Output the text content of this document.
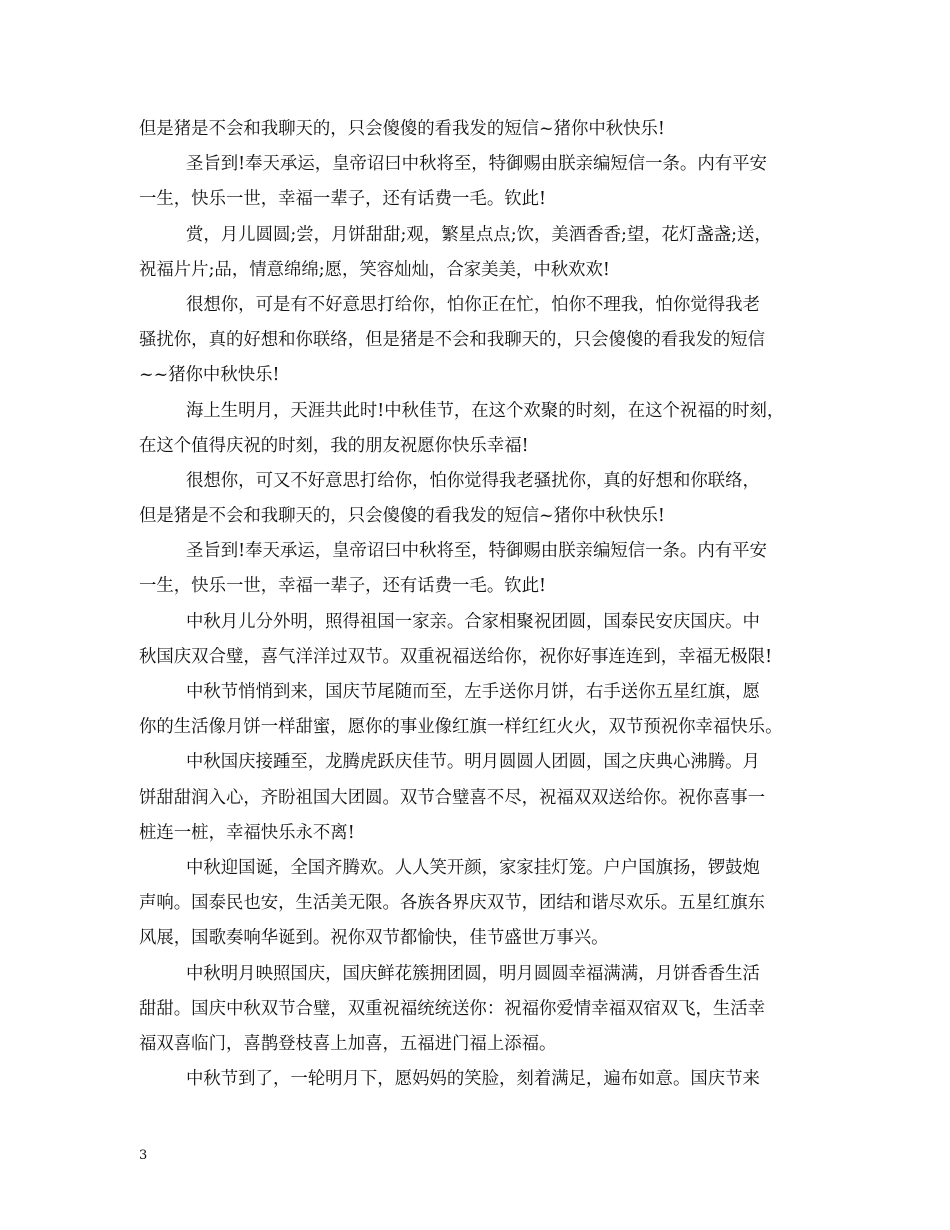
但是猪是不会和我聊天的，只会傻傻的看我发的短信~猪你中秋快乐!
圣旨到!奉天承运，皇帝诏曰中秋将至，特御赐由朕亲编短信一条。内有平安
一生，快乐一世，幸福一辈子，还有话费一毛。钦此!
赏，月儿圆圆;尝，月饼甜甜;观，繁星点点;饮，美酒香香;望，花灯盏盏;送，
祝福片片;品，情意绵绵;愿，笑容灿灿，合家美美，中秋欢欢!
很想你，可是有不好意思打给你，怕你正在忙，怕你不理我，怕你觉得我老
骚扰你，真的好想和你联络，但是猪是不会和我聊天的，只会傻傻的看我发的短信
~~猪你中秋快乐!
海上生明月，天涯共此时!中秋佳节，在这个欢聚的时刻，在这个祝福的时刻，
在这个值得庆祝的时刻，我的朋友祝愿你快乐幸福!
很想你，可又不好意思打给你，怕你觉得我老骚扰你，真的好想和你联络，
但是猪是不会和我聊天的，只会傻傻的看我发的短信~猪你中秋快乐!
圣旨到!奉天承运，皇帝诏曰中秋将至，特御赐由朕亲编短信一条。内有平安
一生，快乐一世，幸福一辈子，还有话费一毛。钦此!
中秋月儿分外明，照得祖国一家亲。合家相聚祝团圆，国泰民安庆国庆。中
秋国庆双合璧，喜气洋洋过双节。双重祝福送给你，祝你好事连连到，幸福无极限!
中秋节悄悄到来，国庆节尾随而至，左手送你月饼，右手送你五星红旗，愿
你的生活像月饼一样甜蜜，愿你的事业像红旗一样红红火火，双节预祝你幸福快乐。
中秋国庆接踵至，龙腾虎跃庆佳节。明月圆圆人团圆，国之庆典心沸腾。月
饼甜甜润入心，齐盼祖国大团圆。双节合璧喜不尽，祝福双双送给你。祝你喜事一
桩连一桩，幸福快乐永不离!
中秋迎国诞，全国齐腾欢。人人笑开颜，家家挂灯笼。户户国旗扬，锣鼓炮
声响。国泰民也安，生活美无限。各族各界庆双节，团结和谐尽欢乐。五星红旗东
风展，国歌奏响华诞到。祝你双节都愉快，佳节盛世万事兴。
中秋明月映照国庆，国庆鲜花簇拥团圆，明月圆圆幸福满满，月饼香香生活
甜甜。国庆中秋双节合璧，双重祝福统统送你：祝福你爱情幸福双宿双飞，生活幸
福双喜临门，喜鹊登枝喜上加喜，五福进门福上添福。
中秋节到了，一轮明月下，愿妈妈的笑脸，刻着满足，遍布如意。国庆节来
3
